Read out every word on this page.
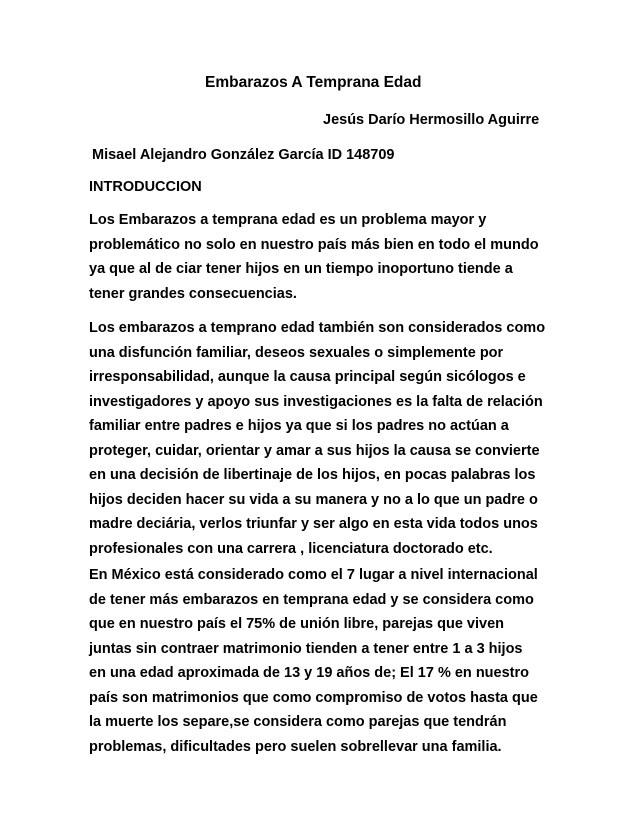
Embarazos A Temprana Edad
Jesús Darío Hermosillo Aguirre
Misael Alejandro González García ID 148709
INTRODUCCION
Los Embarazos a temprana edad es un problema mayor y
problemático no solo en nuestro país más bien en todo el mundo
ya que al de ciar tener hijos en un tiempo inoportuno tiende a
tener grandes consecuencias.
Los embarazos a temprano edad también son considerados como
una disfunción familiar, deseos sexuales o simplemente por
irresponsabilidad, aunque la causa principal según sicólogos e
investigadores y apoyo sus investigaciones es la falta de relación
familiar entre padres e hijos ya que si los padres no actúan a
proteger, cuidar, orientar y amar a sus hijos la causa se convierte
en una decisión de libertinaje de los hijos, en pocas palabras los
hijos deciden hacer su vida a su manera y no a lo que un padre o
madre deciária, verlos triunfar y ser algo en esta vida todos unos
profesionales con una carrera , licenciatura doctorado etc.
En México está considerado como el 7 lugar a nivel internacional
de tener más embarazos en temprana edad y se considera como
que en nuestro país el 75% de unión libre, parejas que viven
juntas sin contraer matrimonio tienden a tener entre 1 a 3 hijos
en una edad aproximada de 13 y 19 años de; El 17 % en nuestro
país son matrimonios que como compromiso de votos hasta que
la muerte los separe,se considera como parejas que tendrán
problemas, dificultades pero suelen sobrellevar una familia.
